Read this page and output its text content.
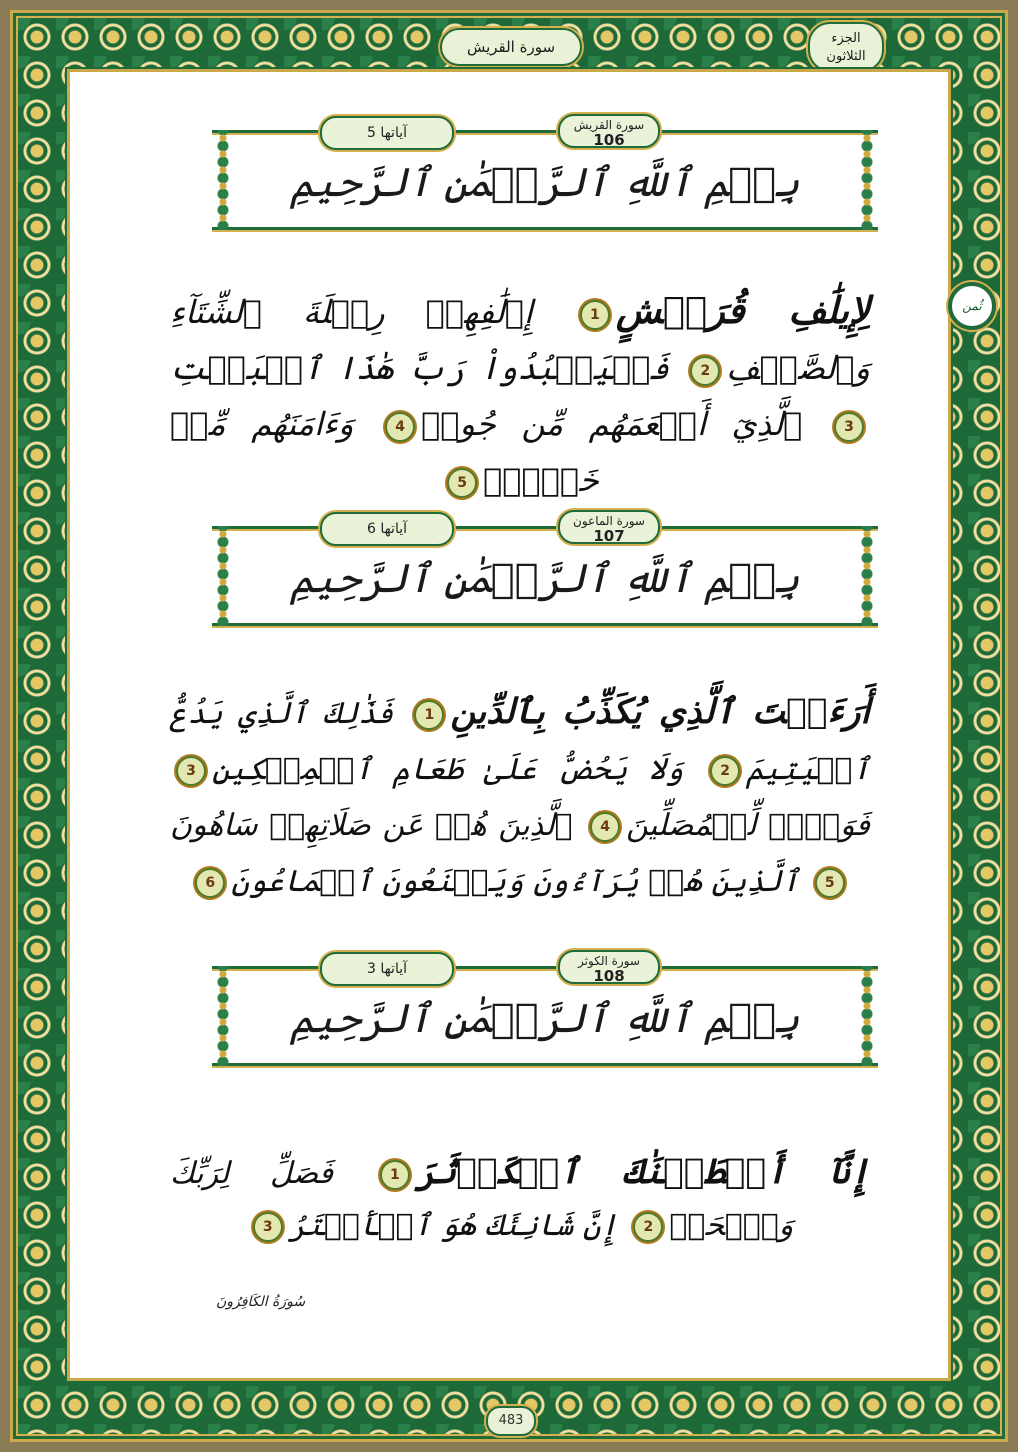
سورة القريش	الجزء
الثلاثون
آياتها 5	سورة القريش
106
بِسۡمِ ٱللَّهِ ٱلرَّحۡمَٰنِ ٱلرَّحِيمِ
لِإِيلَٰفِ قُرَيۡشٍ1 إِۦلَٰفِهِمۡ رِحۡلَةَ ٱلشِّتَآءِ وَٱلصَّيۡفِ2 فَلۡيَعۡبُدُواْ رَبَّ هَٰذَا ٱلۡبَيۡتِ3 ٱلَّذِيٓ أَطۡعَمَهُم مِّن جُوعٖ4 وَءَامَنَهُم مِّنۡ خَوۡفِۭ5
آياتها 6	سورة الماعون
107
بِسۡمِ ٱللَّهِ ٱلرَّحۡمَٰنِ ٱلرَّحِيمِ
أَرَءَيۡتَ ٱلَّذِي يُكَذِّبُ بِٱلدِّينِ1 فَذَٰلِكَ ٱلَّذِي يَدُعُّ ٱلۡيَتِيمَ2 وَلَا يَحُضُّ عَلَىٰ طَعَامِ ٱلۡمِسۡكِينِ3 فَوَيۡلٞ لِّلۡمُصَلِّينَ4 ٱلَّذِينَ هُمۡ عَن صَلَاتِهِمۡ سَاهُونَ5 ٱلَّذِينَ هُمۡ يُرَآءُونَ وَيَمۡنَعُونَ ٱلۡمَاعُونَ6
آياتها 3	سورة الكوثر
108
بِسۡمِ ٱللَّهِ ٱلرَّحۡمَٰنِ ٱلرَّحِيمِ
إِنَّآ أَعۡطَيۡنَٰكَ ٱلۡكَوۡثَرَ1 فَصَلِّ لِرَبِّكَ وَٱنۡحَرۡ2 إِنَّ شَانِئَكَ هُوَ ٱلۡأَبۡتَرُ3
سُورَةُ الكَافِرُونَ
ثُمن
483
